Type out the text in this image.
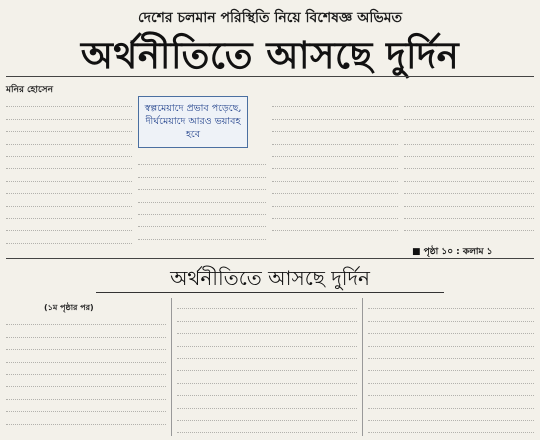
দেশের চলমান পরিস্থিতি নিয়ে বিশেষজ্ঞ অভিমত
অর্থনীতিতে আসছে দুর্দিন
মনির হোসেন
স্বল্পমেয়াদে প্রভাব পড়েছে, দীর্ঘমেয়াদে আরও ভয়াবহ হবে
■ পৃষ্ঠা ১০ : কলাম ১
অর্থনীতিতে আসছে দুর্দিন
(১ম পৃষ্ঠার পর)
